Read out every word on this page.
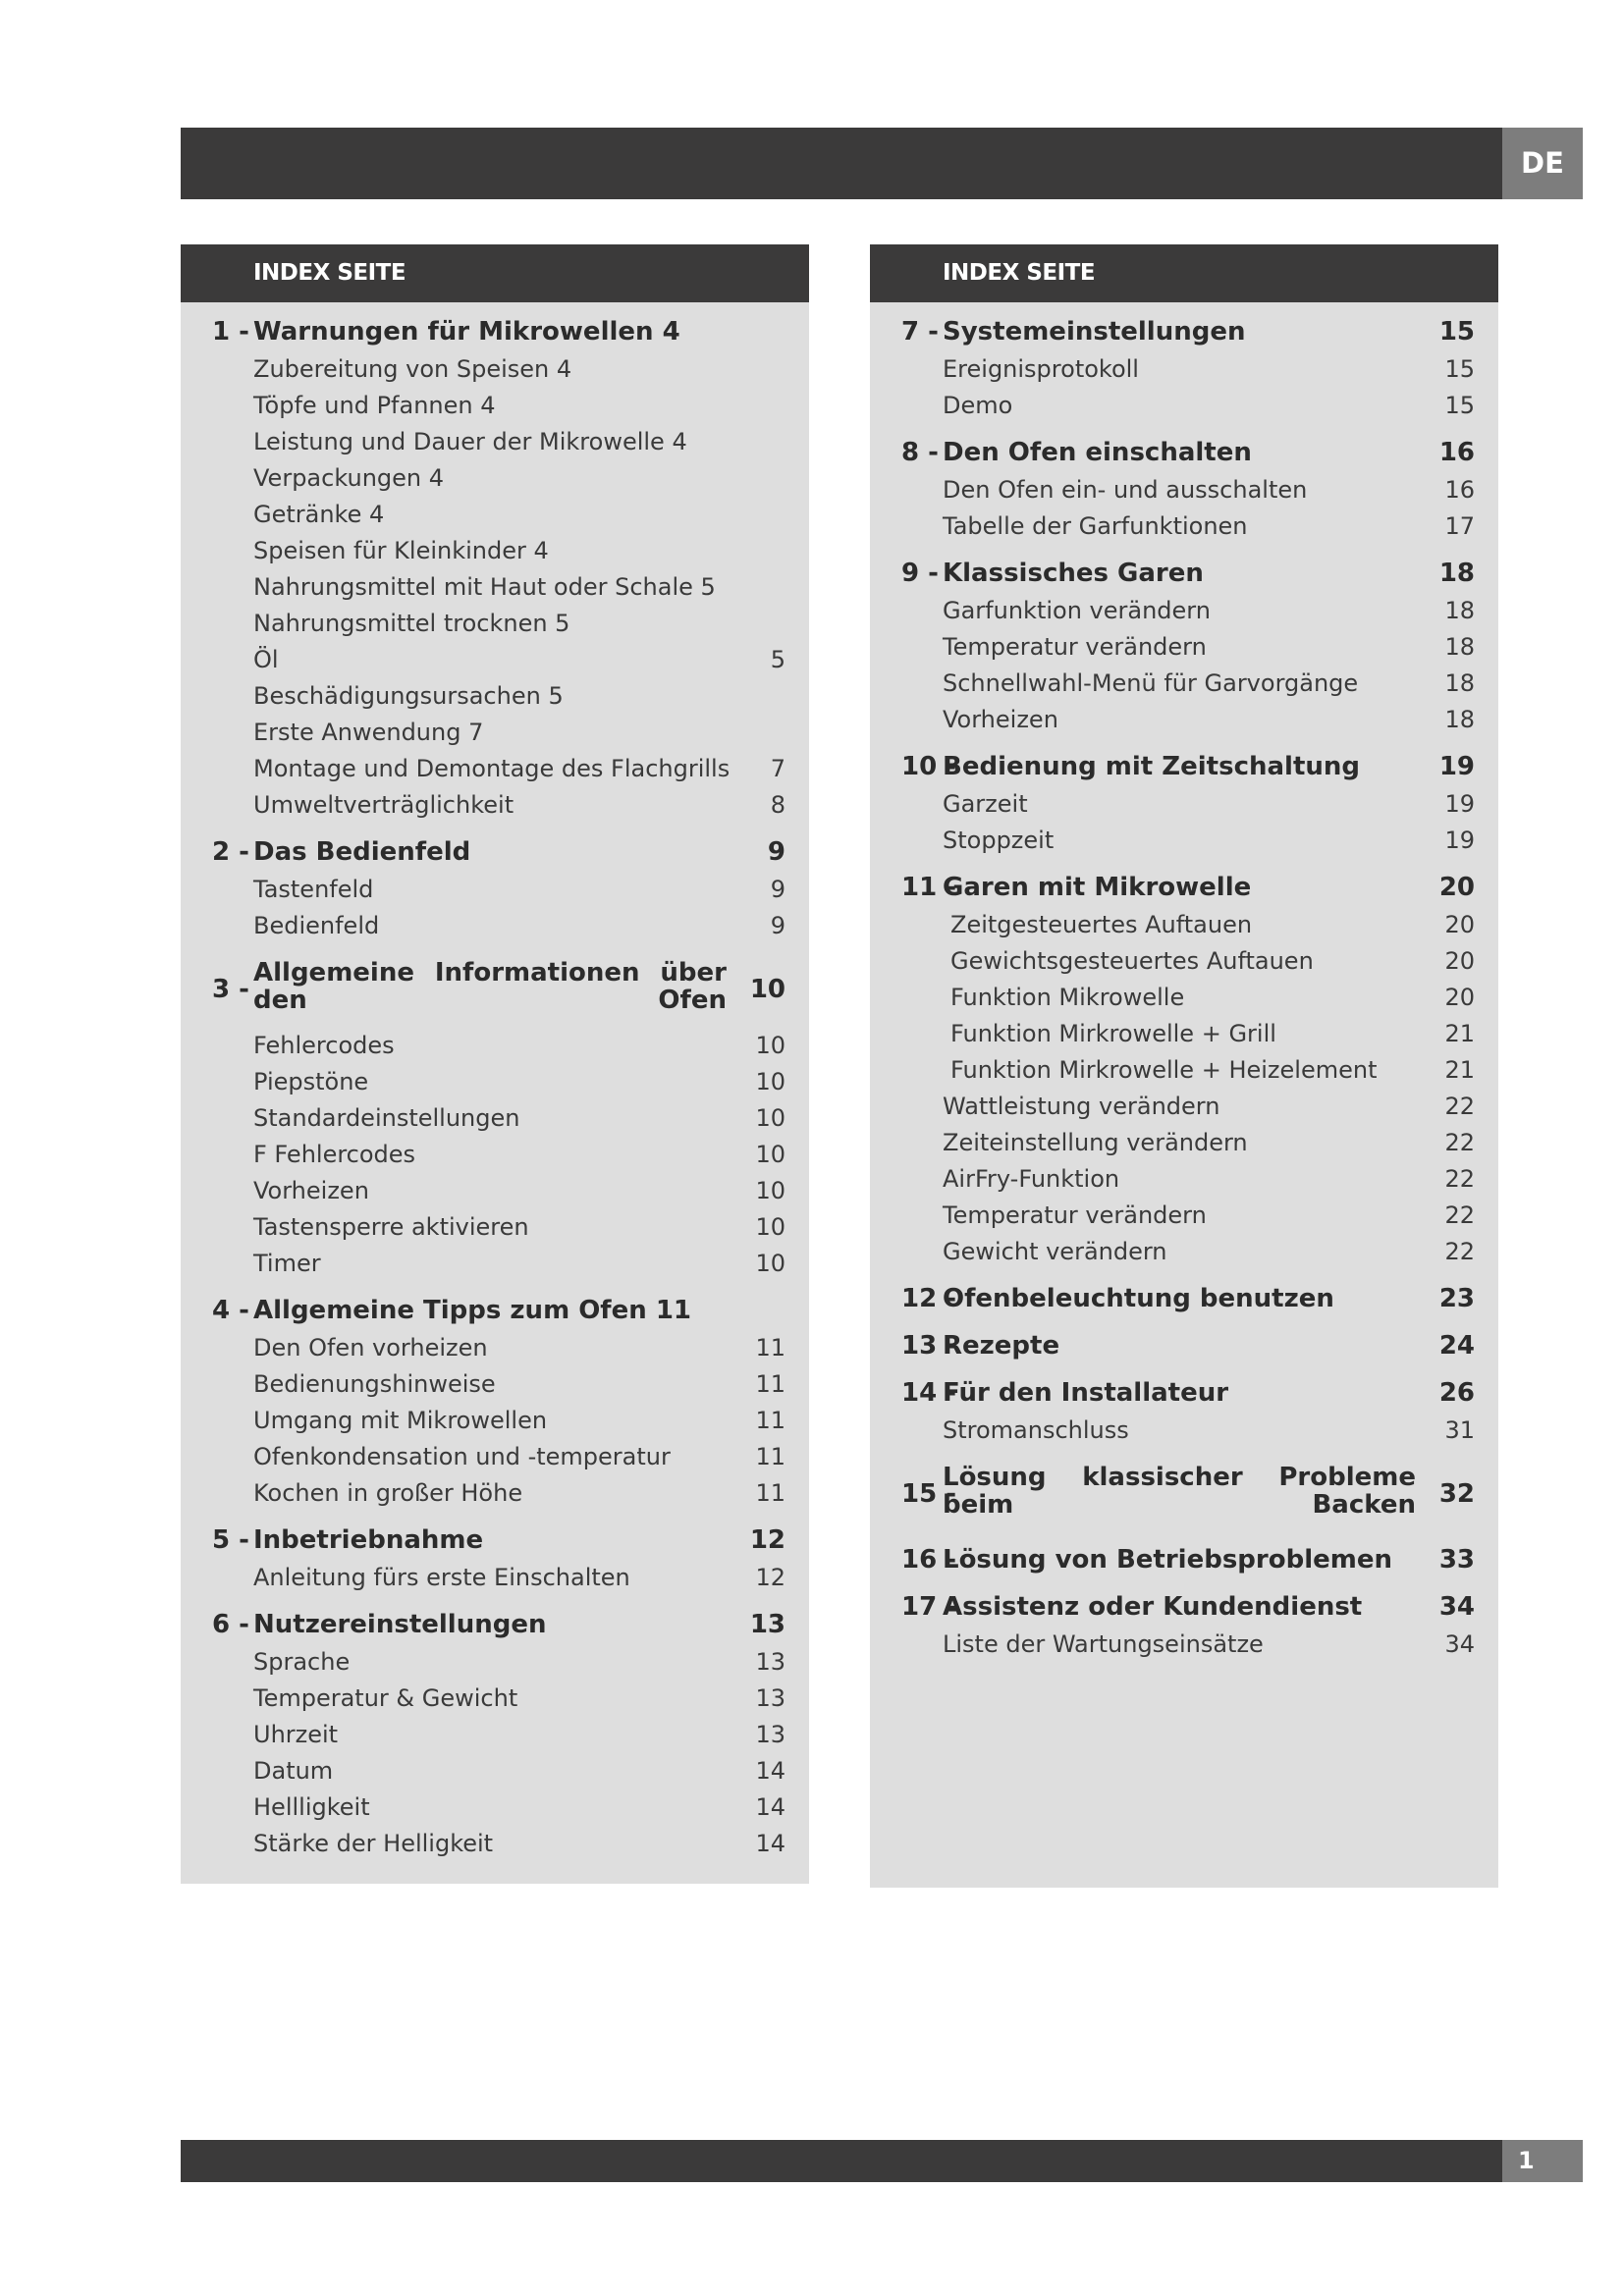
DE
INDEX SEITE
1 - Warnungen für Mikrowellen 4
Zubereitung von Speisen 4
Töpfe und Pfannen 4
Leistung und Dauer der Mikrowelle 4
Verpackungen 4
Getränke 4
Speisen für Kleinkinder 4
Nahrungsmittel mit Haut oder Schale 5
Nahrungsmittel trocknen 5
Öl	5
Beschädigungsursachen 5
Erste Anwendung 7
Montage und Demontage des Flachgrills 7
Umweltverträglichkeit	8
2 - Das Bedienfeld	9
Tastenfeld	9
Bedienfeld	9
3 -
Allgemeine Informationen über den Ofen 10
Fehlercodes	10
Piepstöne	10
Standardeinstellungen	10
F Fehlercodes	10
Vorheizen	10
Tastensperre aktivieren	10
Timer	10
4 - Allgemeine Tipps zum Ofen 11
Den Ofen vorheizen	11
Bedienungshinweise	11
Umgang mit Mikrowellen	11
Ofenkondensation und -temperatur	11
Kochen in großer Höhe	11
5 - Inbetriebnahme	12
Anleitung fürs erste Einschalten	12
6 - Nutzereinstellungen	13
Sprache	13
Temperatur & Gewicht	13
Uhrzeit	13
Datum	14
Hellligkeit	14
Stärke der Helligkeit	14
INDEX SEITE
7 - Systemeinstellungen	15
Ereignisprotokoll	15
Demo	15
8 - Den Ofen einschalten	16
Den Ofen ein- und ausschalten	16
Tabelle der Garfunktionen	17
9 - Klassisches Garen	18
Garfunktion verändern	18
Temperatur verändern	18
Schnellwahl-Menü für Garvorgänge	18
Vorheizen	18
10 -
Bedienung mit Zeitschaltung	19
Garzeit	19
Stoppzeit	19
11 -
Garen mit Mikrowelle	20
Zeitgesteuertes Auftauen	20
Gewichtsgesteuertes Auftauen	20
Funktion Mikrowelle	20
Funktion Mirkrowelle + Grill	21
Funktion Mirkrowelle + Heizelement	21
Wattleistung verändern	22
Zeiteinstellung verändern	22
AirFry-Funktion	22
Temperatur verändern	22
Gewicht verändern	22
12 -
Ofenbeleuchtung benutzen	23
13 -
Rezepte	24
14 -
Für den Installateur	26
Stromanschluss	31
15 -
Lösung klassischer Probleme beim Backen 32
16 -
Lösung von Betriebsproblemen 33
17 -
Assistenz oder Kundendienst	34
Liste der Wartungseinsätze	34
1
